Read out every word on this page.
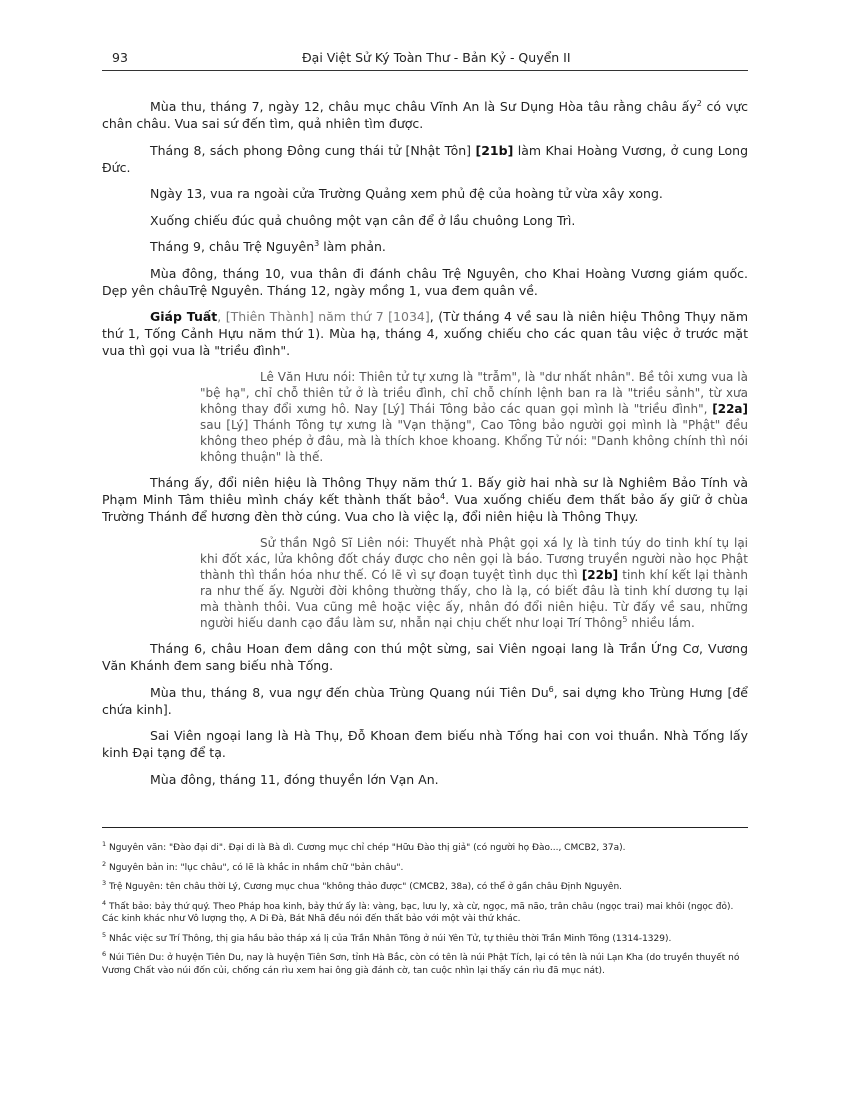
93	Đại Việt Sử Ký Toàn Thư - Bản Kỷ - Quyển II

Mùa thu, tháng 7, ngày 12, châu mục châu Vĩnh An là Sư Dụng Hòa tâu rằng châu ấy$^2$ có vực chân châu. Vua sai sứ đến tìm, quả nhiên tìm được.

Tháng 8, sách phong Đông cung thái tử [Nhật Tôn] [21b] làm Khai Hoàng Vương, ở cung Long Đức.

Ngày 13, vua ra ngoài cửa Trường Quảng xem phủ đệ của hoàng tử vừa xây xong.

Xuống chiếu đúc quả chuông một vạn cân để ở lầu chuông Long Trì.

Tháng 9, châu Trệ Nguyên$^3$ làm phản.

Mùa đông, tháng 10, vua thân đi đánh châu Trệ Nguyên, cho Khai Hoàng Vương giám quốc. Dẹp yên châuTrệ Nguyên. Tháng 12, ngày mồng 1, vua đem quân về.

Giáp Tuất, [Thiên Thành] năm thứ 7 [1034], (Từ tháng 4 về sau là niên hiệu Thông Thụy năm thứ 1, Tống Cảnh Hựu năm thứ 1). Mùa hạ, tháng 4, xuống chiếu cho các quan tâu việc ở trước mặt vua thì gọi vua là "triều đình".

Lê Văn Hưu nói: Thiên tử tự xưng là "trẫm", là "dư nhất nhân". Bề tôi xưng vua là "bệ hạ", chỉ chỗ thiên tử ở là triều đình, chỉ chỗ chính lệnh ban ra là "triều sảnh", từ xưa không thay đổi xưng hô. Nay [Lý] Thái Tông bảo các quan gọi mình là "triều đình", [22a] sau [Lý] Thánh Tông tự xưng là "Vạn thặng", Cao Tông bảo người gọi mình là "Phật" đều không theo phép ở đâu, mà là thích khoe khoang. Khổng Tử nói: "Danh không chính thì nói không thuận" là thế.

Tháng ấy, đổi niên hiệu là Thông Thụy năm thứ 1. Bấy giờ hai nhà sư là Nghiêm Bảo Tính và Phạm Minh Tâm thiêu mình cháy kết thành thất bảo$^4$. Vua xuống chiếu đem thất bảo ấy giữ ở chùa Trường Thánh để hương đèn thờ cúng. Vua cho là việc lạ, đổi niên hiệu là Thông Thụy.

Sử thần Ngô Sĩ Liên nói: Thuyết nhà Phật gọi xá lỵ là tinh túy do tinh khí tụ lại khi đốt xác, lửa không đốt cháy được cho nên gọi là báo. Tương truyền người nào học Phật thành thì thần hóa như thế. Có lẽ vì sự đoạn tuyệt tình dục thì [22b] tinh khí kết lại thành ra như thế ấy. Người đời không thường thấy, cho là lạ, có biết đâu là tinh khí dương tụ lại mà thành thôi. Vua cũng mê hoặc việc ấy, nhân đó đổi niên hiệu. Từ đấy về sau, những người hiếu danh cạo đầu làm sư, nhẫn nại chịu chết như loại Trí Thông$^5$ nhiều lắm.

Tháng 6, châu Hoan đem dâng con thú một sừng, sai Viên ngoại lang là Trần Ứng Cơ, Vương Văn Khánh đem sang biếu nhà Tống.

Mùa thu, tháng 8, vua ngự đến chùa Trùng Quang núi Tiên Du$^6$, sai dựng kho Trùng Hưng [để chứa kinh].

Sai Viên ngoại lang là Hà Thụ, Đỗ Khoan đem biếu nhà Tống hai con voi thuần. Nhà Tống lấy kinh Đại tạng để tạ.

Mùa đông, tháng 11, đóng thuyền lớn Vạn An.

$^1$ Nguyên văn: "Đào đại di". Đại di là Bà dì. Cương mục chỉ chép "Hữu Đào thị giả" (có người họ Đào..., CMCB2, 37a).
$^2$ Nguyên bản in: "lục châu", có lẽ là khắc in nhầm chữ "bản châu".
$^3$ Trệ Nguyên: tên châu thời Lý, Cương mục chua "không thảo được" (CMCB2, 38a), có thể ở gần châu Định Nguyên.
$^4$ Thất bảo: bảy thứ quý. Theo Pháp hoa kinh, bảy thứ ấy là: vàng, bạc, lưu ly, xà cừ, ngọc, mã não, trân châu (ngọc trai) mai khôi (ngọc đỏ). Các kinh khác như Vô lượng thọ, A Di Đà, Bát Nhã đều nói đến thất bảo với một vài thứ khác.
$^5$ Nhắc việc sư Trí Thông, thị gia hầu bảo tháp xá lị của Trần Nhân Tông ở núi Yên Tử, tự thiêu thời Trần Minh Tông (1314-1329).
$^6$ Núi Tiên Du: ở huyện Tiên Du, nay là huyện Tiên Sơn, tỉnh Hà Bắc, còn có tên là núi Phật Tích, lại có tên là núi Lạn Kha (do truyền thuyết nó Vương Chất vào núi đốn củi, chống cán rìu xem hai ông già đánh cờ, tan cuộc nhìn lại thấy cán rìu đã mục nát).
